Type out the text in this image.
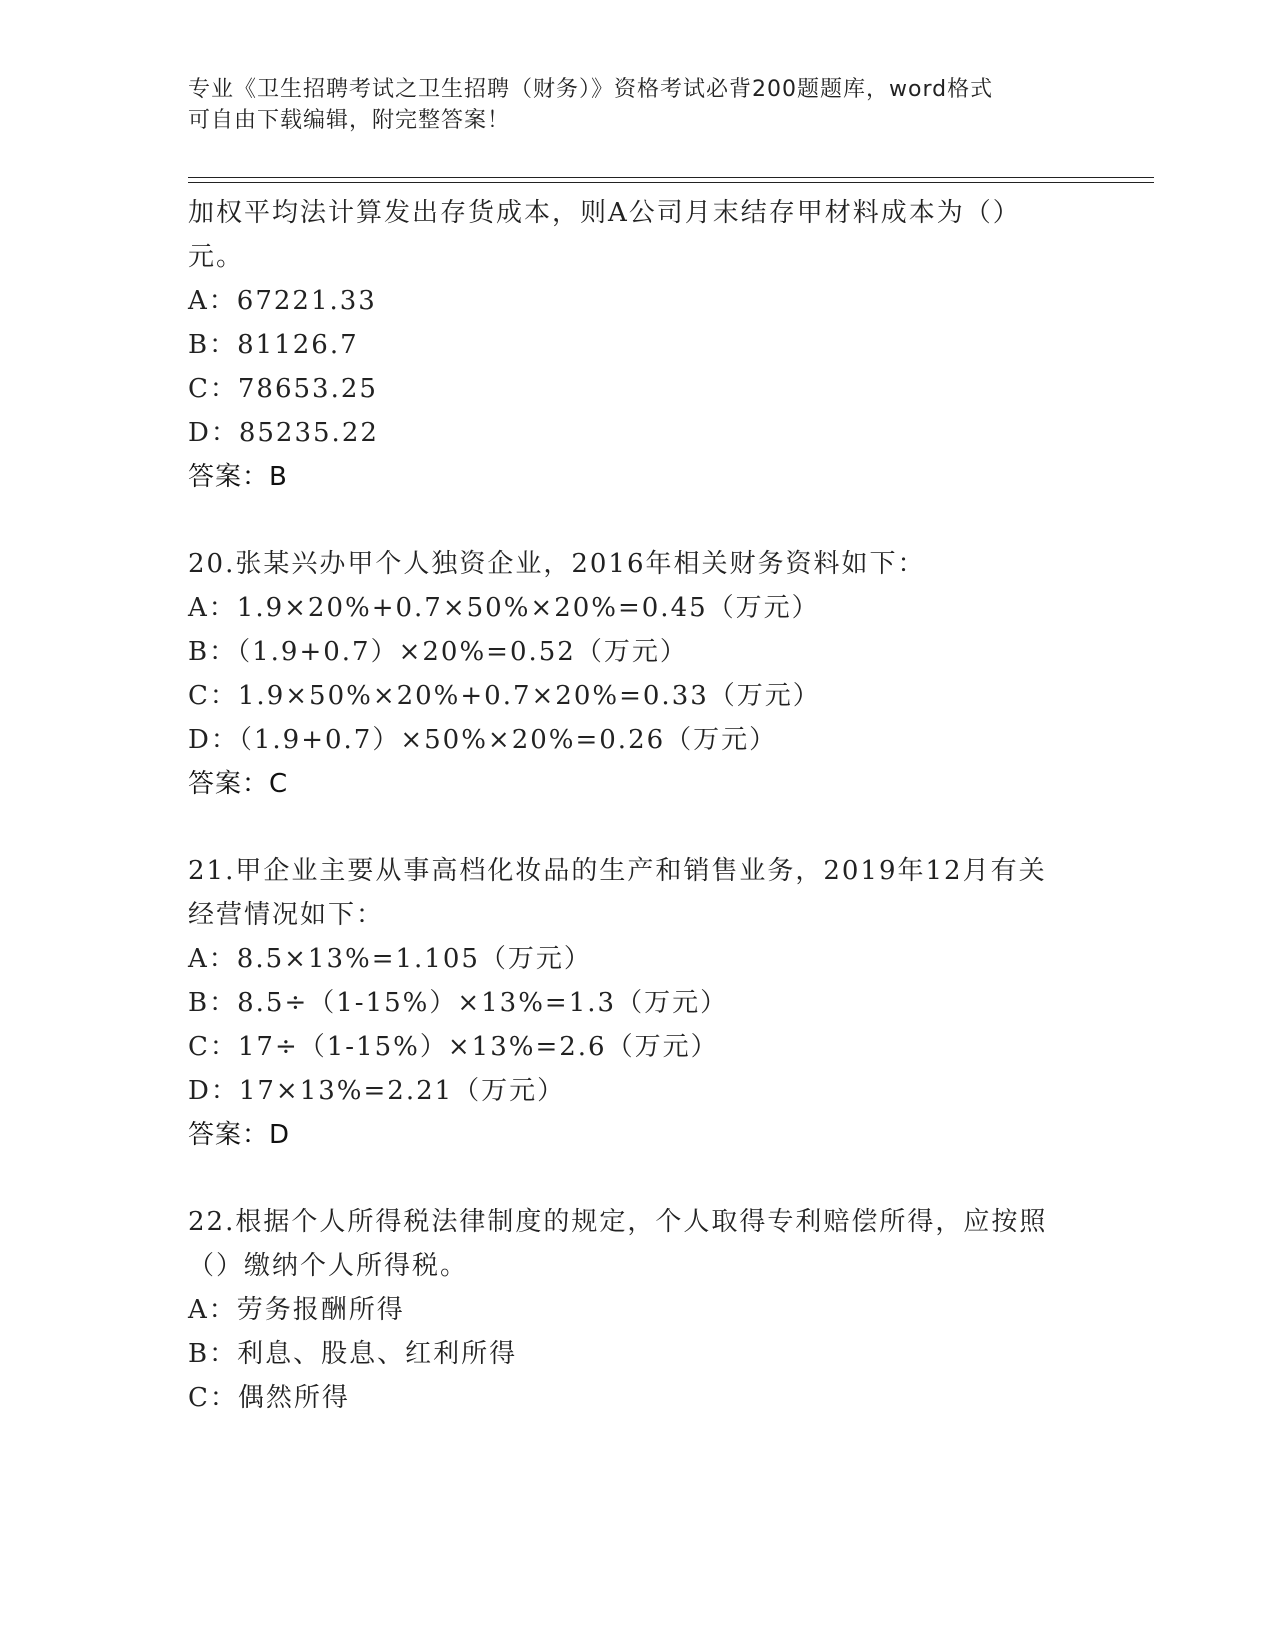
专业《卫生招聘考试之卫生招聘（财务）》资格考试必背200题题库，word格式
可自由下载编辑，附完整答案！
加权平均法计算发出存货成本，则A公司月末结存甲材料成本为（）
元。
A：67221.33
B：81126.7
C：78653.25
D：85235.22
答案：B
20.张某兴办甲个人独资企业，2016年相关财务资料如下：
A：1.9×20%+0.7×50%×20%=0.45（万元）
B：（1.9+0.7）×20%=0.52（万元）
C：1.9×50%×20%+0.7×20%=0.33（万元）
D：（1.9+0.7）×50%×20%=0.26（万元）
答案：C
21.甲企业主要从事高档化妆品的生产和销售业务，2019年12月有关
经营情况如下：
A：8.5×13%=1.105（万元）
B：8.5÷（1-15%）×13%=1.3（万元）
C：17÷（1-15%）×13%=2.6（万元）
D：17×13%=2.21（万元）
答案：D
22.根据个人所得税法律制度的规定，个人取得专利赔偿所得，应按照
（）缴纳个人所得税。
A：劳务报酬所得
B：利息、股息、红利所得
C：偶然所得
